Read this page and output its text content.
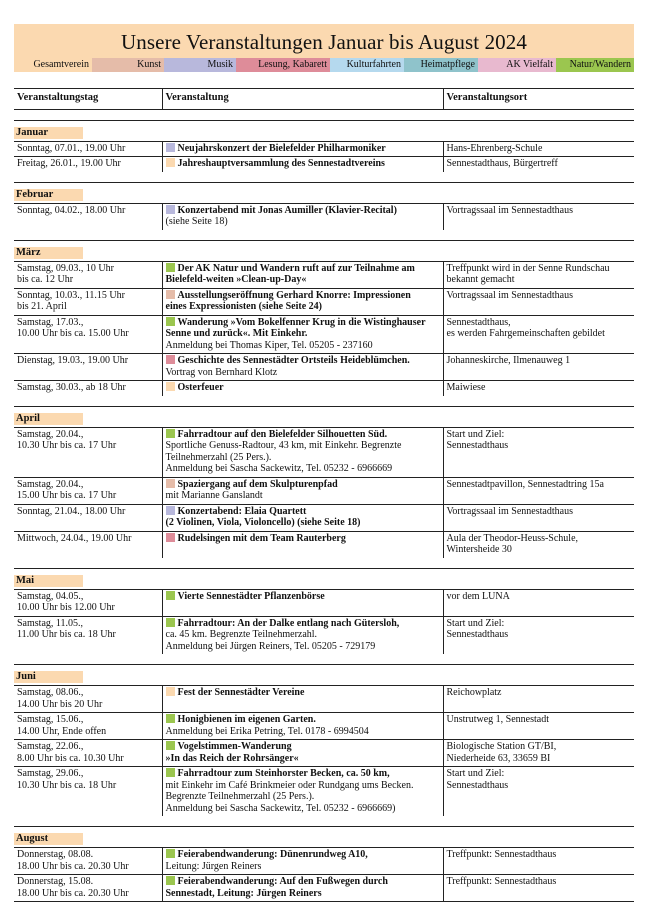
Unsere Veranstaltungen Januar bis August 2024
Gesamtverein	Kunst	Musik	Lesung, Kabarett	Kulturfahrten	Heimatpflege	AK Vielfalt	Natur/Wandern
Veranstaltungstag	Veranstaltung	Veranstaltungsort

Januar		

Sonntag, 07.01., 19.00 Uhr	Neujahrskonzert der Bielefelder Philharmoniker	Hans-Ehrenberg-Schule

Freitag, 26.01., 19.00 Uhr	Jahreshauptversammlung des Sennestadtvereins	Sennestadthaus, Bürgertreff

Februar		

Sonntag, 04.02., 18.00 Uhr	Konzertabend mit Jonas Aumiller (Klavier-Recital)
(siehe Seite 18)	Vortragssaal im Sennestadthaus

März		

Samstag, 09.03., 10 Uhr
bis ca. 12 Uhr	Der AK Natur und Wandern ruft auf zur Teilnahme am
Bielefeld-weiten »Clean-up-Day«	Treffpunkt wird in der Senne Rundschau
bekannt gemacht

Sonntag, 10.03., 11.15 Uhr
bis 21. April	Ausstellungseröffnung Gerhard Knorre: Impressionen
eines Expressionisten (siehe Seite 24)	Vortragssaal im Sennestadthaus

Samstag, 17.03.,
10.00 Uhr bis ca. 15.00 Uhr	Wanderung »Vom Bokelfenner Krug in die Wistinghauser
Senne und zurück«. Mit Einkehr.
Anmeldung bei Thomas Kiper, Tel. 05205 - 237160	Sennestadthaus,
es werden Fahrgemeinschaften gebildet

Dienstag, 19.03., 19.00 Uhr	Geschichte des Sennestädter Ortsteils Heideblümchen.
Vortrag von Bernhard Klotz	Johanneskirche, Ilmenauweg 1

Samstag, 30.03., ab 18 Uhr	Osterfeuer	Maiwiese

April		

Samstag, 20.04.,
10.30 Uhr bis ca. 17 Uhr	Fahrradtour auf den Bielefelder Silhouetten Süd.
Sportliche Genuss-Radtour, 43 km, mit Einkehr. Begrenzte
Teilnehmerzahl (25 Pers.).
Anmeldung bei Sascha Sackewitz, Tel. 05232 - 6966669	Start und Ziel:
Sennestadthaus

Samstag, 20.04.,
15.00 Uhr bis ca. 17 Uhr	Spaziergang auf dem Skulpturenpfad
mit Marianne Ganslandt	Sennestadtpavillon, Sennestadtring 15a

Sonntag, 21.04., 18.00 Uhr	Konzertabend: Elaia Quartett
(2 Violinen, Viola, Violoncello) (siehe Seite 18)	Vortragssaal im Sennestadthaus

Mittwoch, 24.04., 19.00 Uhr	Rudelsingen mit dem Team Rauterberg	Aula der Theodor-Heuss-Schule,
Wintersheide 30

Mai		

Samstag, 04.05.,
10.00 Uhr bis 12.00 Uhr	Vierte Sennestädter Pflanzenbörse	vor dem LUNA

Samstag, 11.05.,
11.00 Uhr bis ca. 18 Uhr	Fahrradtour: An der Dalke entlang nach Gütersloh,
ca. 45 km. Begrenzte Teilnehmerzahl.
Anmeldung bei Jürgen Reiners, Tel. 05205 - 729179	Start und Ziel:
Sennestadthaus

Juni		

Samstag, 08.06.,
14.00 Uhr bis 20 Uhr	Fest der Sennestädter Vereine	Reichowplatz

Samstag, 15.06.,
14.00 Uhr, Ende offen	Honigbienen im eigenen Garten.
Anmeldung bei Erika Petring, Tel. 0178 - 6994504	Unstrutweg 1, Sennestadt

Samstag, 22.06.,
8.00 Uhr bis ca. 10.30 Uhr	Vogelstimmen-Wanderung
»In das Reich der Rohrsänger«	Biologische Station GT/BI,
Niederheide 63, 33659 BI

Samstag, 29.06.,
10.30 Uhr bis ca. 18 Uhr	Fahrradtour zum Steinhorster Becken, ca. 50 km,
mit Einkehr im Café Brinkmeier oder Rundgang ums Becken.
Begrenzte Teilnehmerzahl (25 Pers.).
Anmeldung bei Sascha Sackewitz, Tel. 05232 - 6966669)	Start und Ziel:
Sennestadthaus

August		

Donnerstag, 08.08.
18.00 Uhr bis ca. 20.30 Uhr	Feierabendwanderung: Dünenrundweg A10,
Leitung: Jürgen Reiners	Treffpunkt: Sennestadthaus

Donnerstag, 15.08.
18.00 Uhr bis ca. 20.30 Uhr	Feierabendwanderung: Auf den Fußwegen durch
Sennestadt, Leitung: Jürgen Reiners	Treffpunkt: Sennestadthaus
